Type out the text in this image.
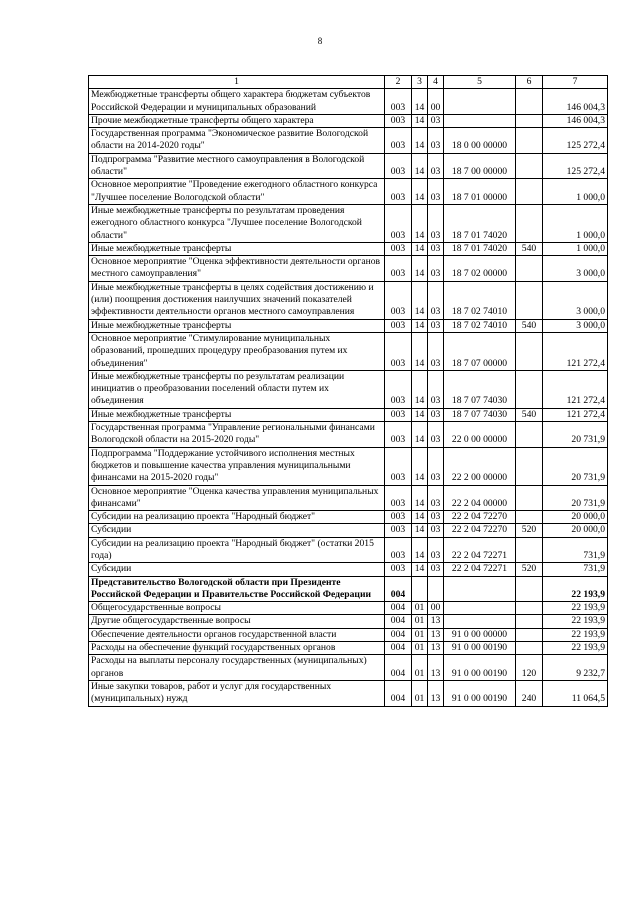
8
1	2	3	4	5	6	7
Межбюджетные трансферты общего характера бюджетам субъектов Российской Федерации и муниципальных образований	003	14	00			146 004,3
Прочие межбюджетные трансферты общего характера	003	14	03			146 004,3
Государственная программа "Экономическое развитие Вологодской области на 2014-2020 годы"	003	14	03	18 0 00 00000		125 272,4
Подпрограмма "Развитие местного самоуправления в Вологодской области"	003	14	03	18 7 00 00000		125 272,4
Основное мероприятие "Проведение ежегодного областного конкурса "Лучшее поселение Вологодской области"	003	14	03	18 7 01 00000		1 000,0
Иные межбюджетные трансферты по результатам проведения ежегодного областного конкурса "Лучшее поселение Вологодской области"	003	14	03	18 7 01 74020		1 000,0
Иные межбюджетные трансферты	003	14	03	18 7 01 74020	540	1 000,0
Основное мероприятие "Оценка эффективности деятельности органов местного самоуправления"	003	14	03	18 7 02 00000		3 000,0
Иные межбюджетные трансферты в целях содействия достижению и (или) поощрения достижения наилучших значений показателей эффективности деятельности органов местного самоуправления	003	14	03	18 7 02 74010		3 000,0
Иные межбюджетные трансферты	003	14	03	18 7 02 74010	540	3 000,0
Основное мероприятие "Стимулирование муниципальных образований, прошедших процедуру преобразования путем их объединения"	003	14	03	18 7 07 00000		121 272,4
Иные межбюджетные трансферты по результатам реализации инициатив о преобразовании поселений области путем их объединения	003	14	03	18 7 07 74030		121 272,4
Иные межбюджетные трансферты	003	14	03	18 7 07 74030	540	121 272,4
Государственная программа "Управление региональными финансами Вологодской области на 2015-2020 годы"	003	14	03	22 0 00 00000		20 731,9
Подпрограмма "Поддержание устойчивого исполнения местных бюджетов и повышение качества управления муниципальными финансами на 2015-2020 годы"	003	14	03	22 2 00 00000		20 731,9
Основное мероприятие "Оценка качества управления муниципальных финансами"	003	14	03	22 2 04 00000		20 731,9
Субсидии на реализацию проекта "Народный бюджет"	003	14	03	22 2 04 72270		20 000,0
Субсидии	003	14	03	22 2 04 72270	520	20 000,0
Субсидии на реализацию проекта "Народный бюджет" (остатки 2015 года)	003	14	03	22 2 04 72271		731,9
Субсидии	003	14	03	22 2 04 72271	520	731,9
Представительство Вологодской области при Президенте Российской Федерации и Правительстве Российской Федерации	004					22 193,9
Общегосударственные вопросы	004	01	00			22 193,9
Другие общегосударственные вопросы	004	01	13			22 193,9
Обеспечение деятельности органов государственной власти	004	01	13	91 0 00 00000		22 193,9
Расходы на обеспечение функций государственных органов	004	01	13	91 0 00 00190		22 193,9
Расходы на выплаты персоналу государственных (муниципальных) органов	004	01	13	91 0 00 00190	120	9 232,7
Иные закупки товаров, работ и услуг для государственных (муниципальных) нужд	004	01	13	91 0 00 00190	240	11 064,5
